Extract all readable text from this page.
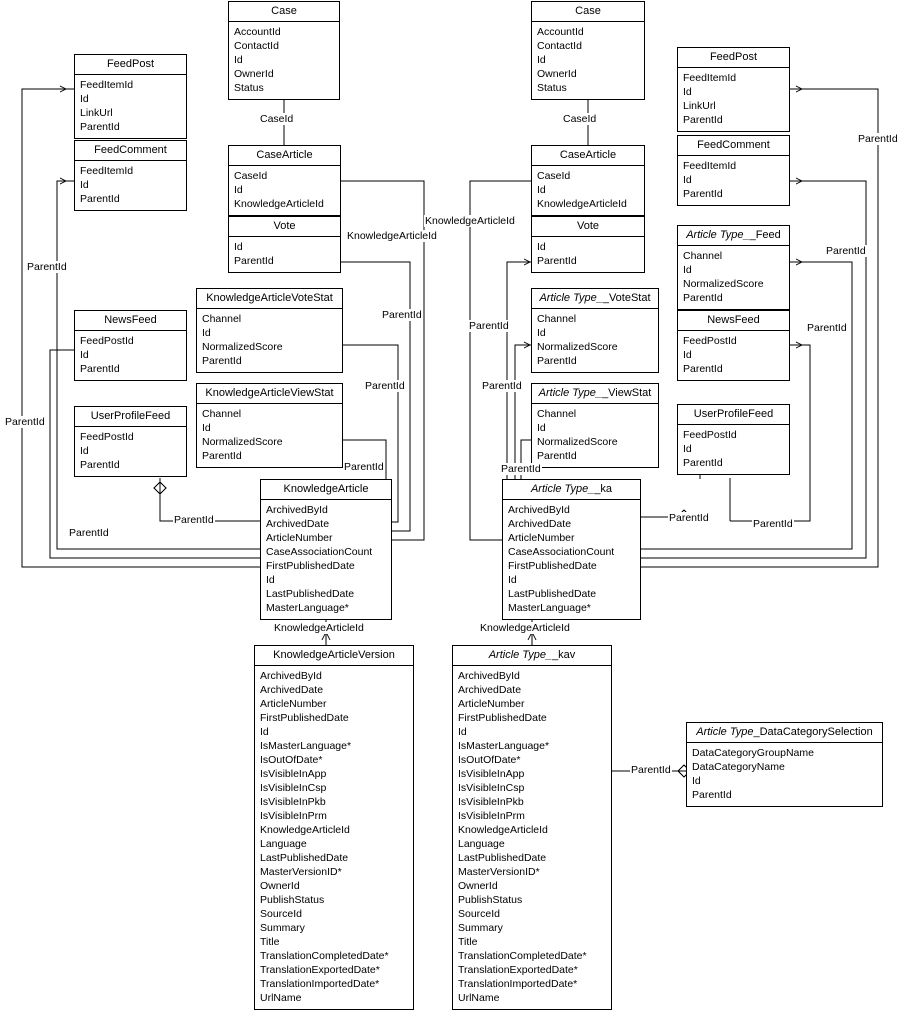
Case
AccountId
ContactId
Id
OwnerId
Status
Case
AccountId
ContactId
Id
OwnerId
Status
FeedPost
FeedItemId
Id
LinkUrl
ParentId
FeedPost
FeedItemId
Id
LinkUrl
ParentId
FeedComment
FeedItemId
Id
ParentId
FeedComment
FeedItemId
Id
ParentId
CaseArticle
CaseId
Id
KnowledgeArticleId
CaseArticle
CaseId
Id
KnowledgeArticleId
Vote
Id
ParentId
Vote
Id
ParentId
Article Type__Feed
Channel
Id
NormalizedScore
ParentId
KnowledgeArticleVoteStat
Channel
Id
NormalizedScore
ParentId
Article Type__VoteStat
Channel
Id
NormalizedScore
ParentId
NewsFeed
FeedPostId
Id
ParentId
NewsFeed
FeedPostId
Id
ParentId
KnowledgeArticleViewStat
Channel
Id
NormalizedScore
ParentId
Article Type__ViewStat
Channel
Id
NormalizedScore
ParentId
UserProfileFeed
FeedPostId
Id
ParentId
UserProfileFeed
FeedPostId
Id
ParentId
KnowledgeArticle
ArchivedById
ArchivedDate
ArticleNumber
CaseAssociationCount
FirstPublishedDate
Id
LastPublishedDate
MasterLanguage*
Article Type__ka
ArchivedById
ArchivedDate
ArticleNumber
CaseAssociationCount
FirstPublishedDate
Id
LastPublishedDate
MasterLanguage*
KnowledgeArticleVersion
ArchivedById
ArchivedDate
ArticleNumber
FirstPublishedDate
Id
IsMasterLanguage*
IsOutOfDate*
IsVisibleInApp
IsVisibleInCsp
IsVisibleInPkb
IsVisibleInPrm
KnowledgeArticleId
Language
LastPublishedDate
MasterVersionID*
OwnerId
PublishStatus
SourceId
Summary
Title
TranslationCompletedDate*
TranslationExportedDate*
TranslationImportedDate*
UrlName
Article Type__kav
ArchivedById
ArchivedDate
ArticleNumber
FirstPublishedDate
Id
IsMasterLanguage*
IsOutOfDate*
IsVisibleInApp
IsVisibleInCsp
IsVisibleInPkb
IsVisibleInPrm
KnowledgeArticleId
Language
LastPublishedDate
MasterVersionID*
OwnerId
PublishStatus
SourceId
Summary
Title
TranslationCompletedDate*
TranslationExportedDate*
TranslationImportedDate*
UrlName
Article Type_DataCategorySelection
DataCategoryGroupName
DataCategoryName
Id
ParentId
CaseId	CaseId
ParentId
KnowledgeArticleId
KnowledgeArticleId
ParentId
ParentId
ParentId
ParentId
ParentId
ParentId	ParentId
ParentId
ParentId	ParentId
ParentId	ParentId	ParentId
ParentId
KnowledgeArticleId	KnowledgeArticleId
ParentId
